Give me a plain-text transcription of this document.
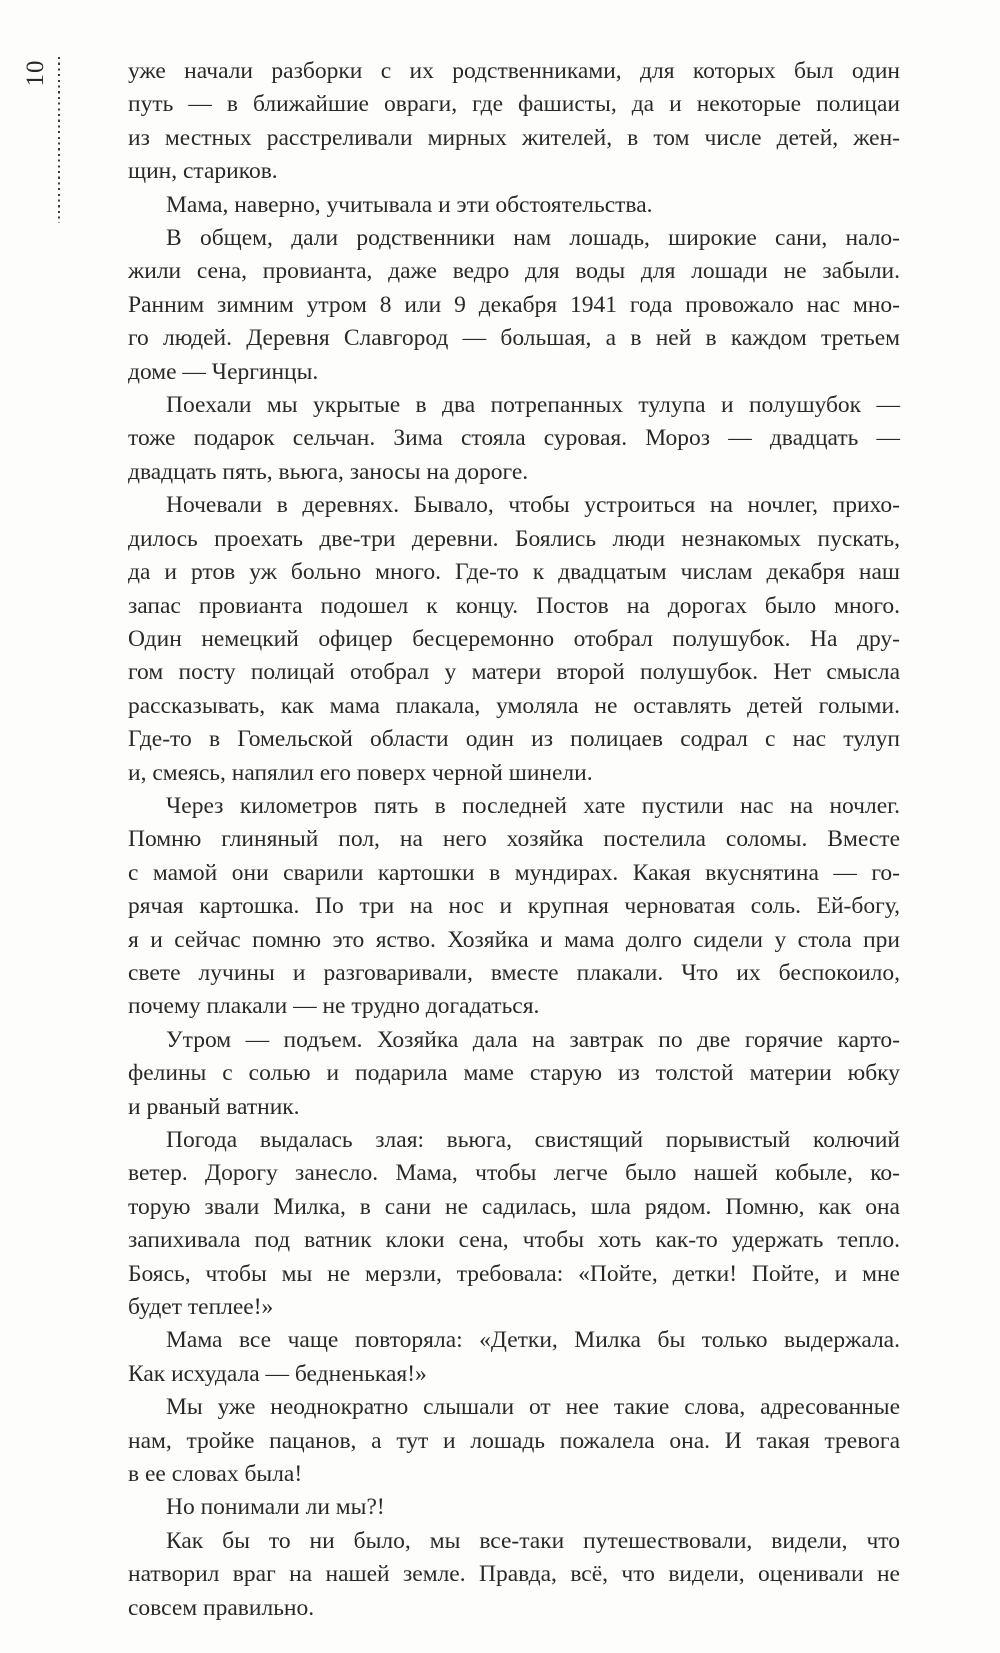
10	уже начали разборки с их родственниками, для которых был один
путь — в ближайшие овраги, где фашисты, да и некоторые полицаи
из местных расстреливали мирных жителей, в том числе детей, жен-
щин, стариков.
Мама, наверно, учитывала и эти обстоятельства.
В общем, дали родственники нам лошадь, широкие сани, нало-
жили сена, провианта, даже ведро для воды для лошади не забыли.
Ранним зимним утром 8 или 9 декабря 1941 года провожало нас мно-
го людей. Деревня Славгород — большая, а в ней в каждом третьем
доме — Чергинцы.
Поехали мы укрытые в два потрепанных тулупа и полушубок —
тоже подарок сельчан. Зима стояла суровая. Мороз — двадцать —
двадцать пять, вьюга, заносы на дороге.
Ночевали в деревнях. Бывало, чтобы устроиться на ночлег, прихо-
дилось проехать две-три деревни. Боялись люди незнакомых пускать,
да и ртов уж больно много. Где-то к двадцатым числам декабря наш
запас провианта подошел к концу. Постов на дорогах было много.
Один немецкий офицер бесцеремонно отобрал полушубок. На дру-
гом посту полицай отобрал у матери второй полушубок. Нет смысла
рассказывать, как мама плакала, умоляла не оставлять детей голыми.
Где-то в Гомельской области один из полицаев содрал с нас тулуп
и, смеясь, напялил его поверх черной шинели.
Через километров пять в последней хате пустили нас на ночлег.
Помню глиняный пол, на него хозяйка постелила соломы. Вместе
с мамой они сварили картошки в мундирах. Какая вкуснятина — го-
рячая картошка. По три на нос и крупная черноватая соль. Ей-богу,
я и сейчас помню это яство. Хозяйка и мама долго сидели у стола при
свете лучины и разговаривали, вместе плакали. Что их беспокоило,
почему плакали — не трудно догадаться.
Утром — подъем. Хозяйка дала на завтрак по две горячие карто-
фелины с солью и подарила маме старую из толстой материи юбку
и рваный ватник.
Погода выдалась злая: вьюга, свистящий порывистый колючий
ветер. Дорогу занесло. Мама, чтобы легче было нашей кобыле, ко-
торую звали Милка, в сани не садилась, шла рядом. Помню, как она
запихивала под ватник клоки сена, чтобы хоть как-то удержать тепло.
Боясь, чтобы мы не мерзли, требовала: «Пойте, детки! Пойте, и мне
будет теплее!»
Мама все чаще повторяла: «Детки, Милка бы только выдержала.
Как исхудала — бедненькая!»
Мы уже неоднократно слышали от нее такие слова, адресованные
нам, тройке пацанов, а тут и лошадь пожалела она. И такая тревога
в ее словах была!
Но понимали ли мы?!
Как бы то ни было, мы все-таки путешествовали, видели, что
натворил враг на нашей земле. Правда, всё, что видели, оценивали не
совсем правильно.
